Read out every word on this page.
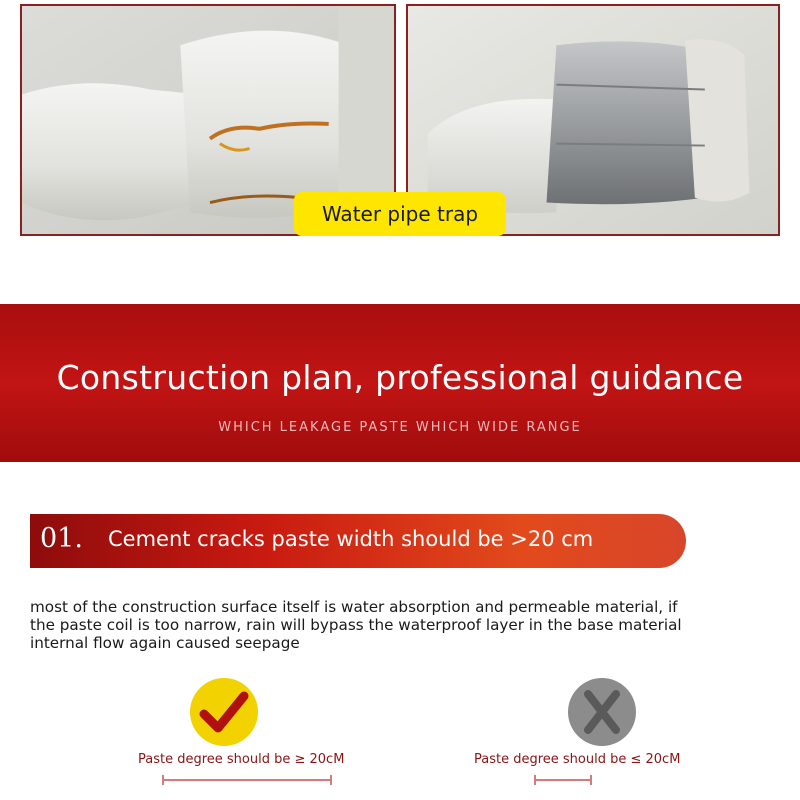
Water pipe trap
Construction plan, professional guidance
WHICH LEAKAGE PASTE WHICH WIDE RANGE
01. Cement cracks paste width should be >20 cm
most of the construction surface itself is water absorption and permeable material, if
the paste coil is too narrow, rain will bypass the waterproof layer in the base material
internal flow again caused seepage
Paste degree should be ≥ 20cM	Paste degree should be ≤ 20cM
